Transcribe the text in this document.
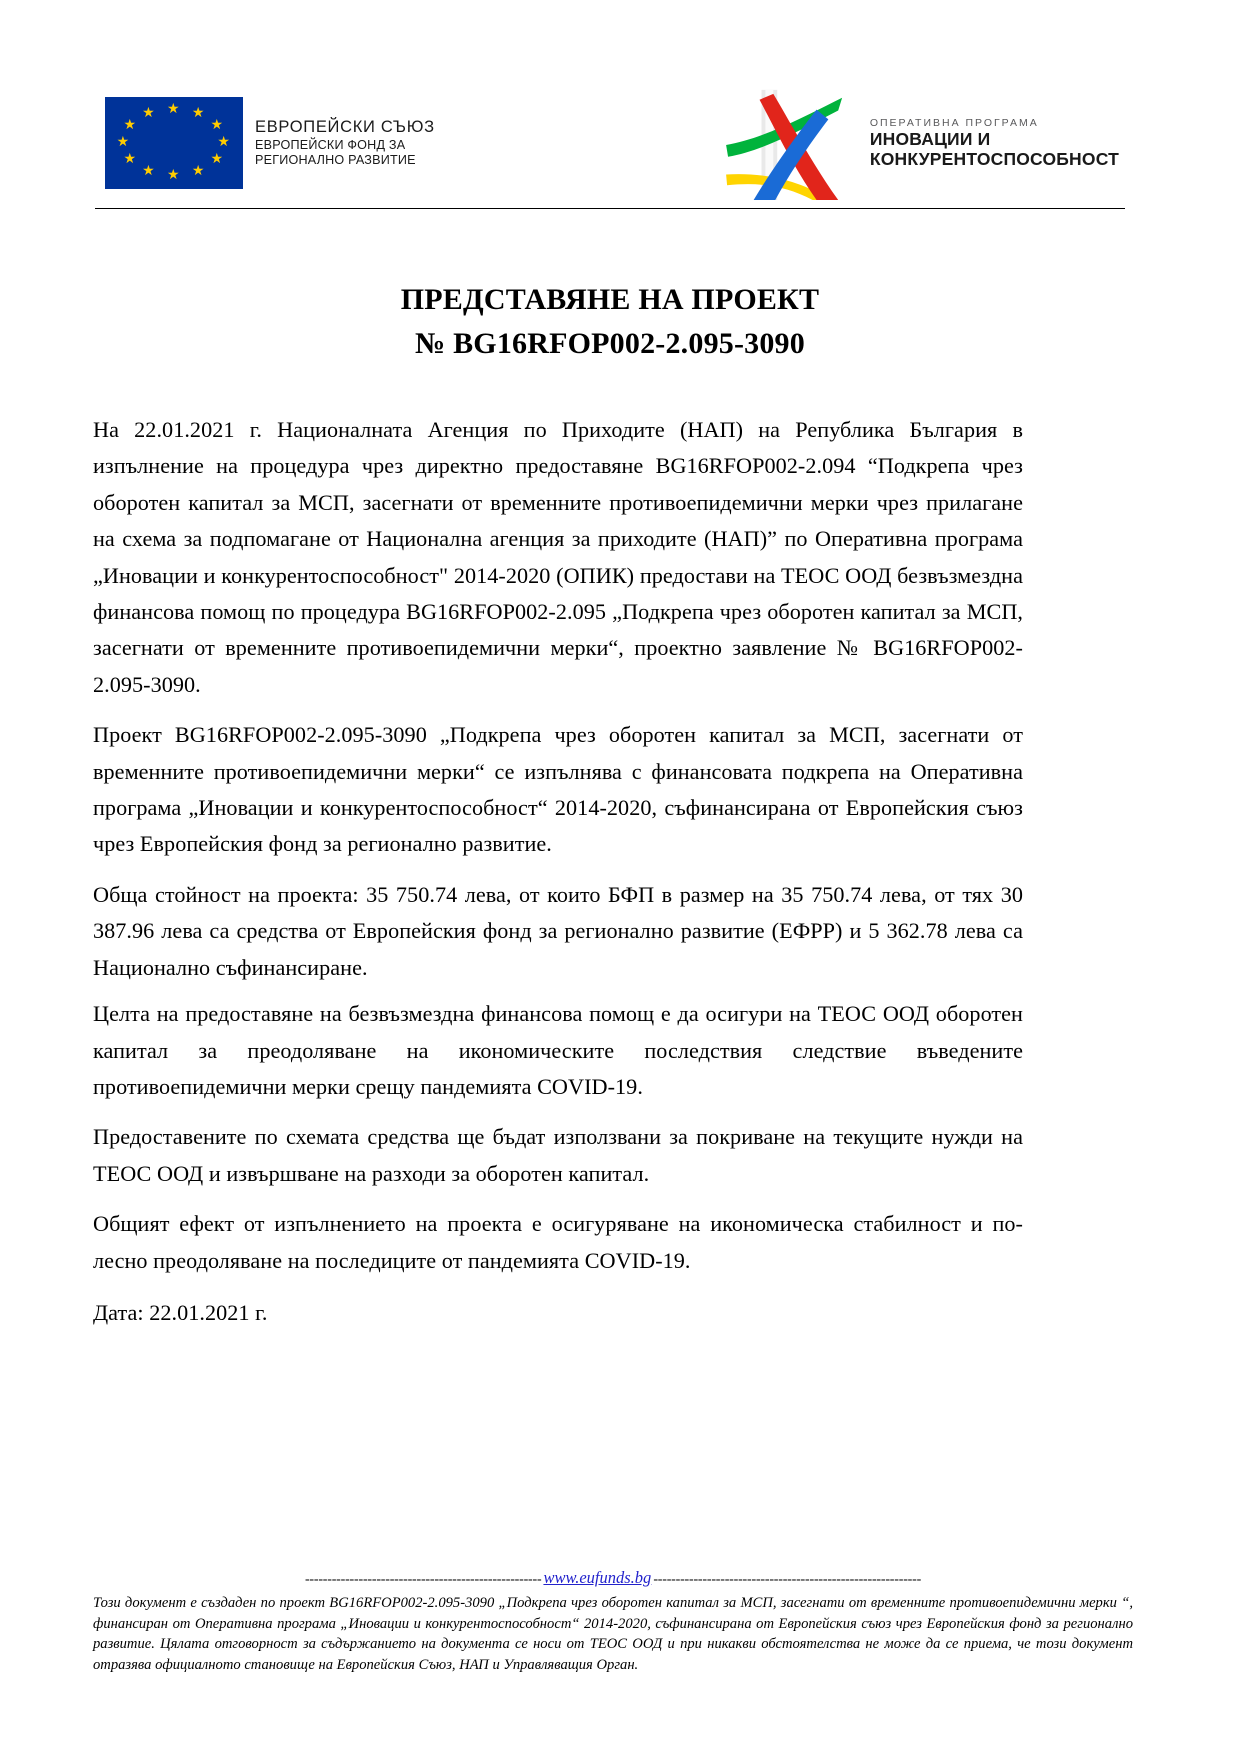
ЕВРОПЕЙСКИ СЪЮЗ
ЕВРОПЕЙСКИ ФОНД ЗА
РЕГИОНАЛНО РАЗВИТИЕ
ОПЕРАТИВНА ПРОГРАМА
ИНОВАЦИИ И
КОНКУРЕНТОСПОСОБНОСТ
ПРЕДСТАВЯНЕ НА ПРОЕКТ
№ BG16RFOP002-2.095-3090

На 22.01.2021 г. Националната Агенция по Приходите (НАП) на Република България в изпълнение на процедура чрез директно предоставяне BG16RFOP002-2.094 “Подкрепа чрез оборотен капитал за МСП, засегнати от временните противоепидемични мерки чрез прилагане на схема за подпомагане от Национална агенция за приходите (НАП)” по Оперативна програма „Иновации и конкурентоспособност" 2014-2020 (ОПИК) предостави на ТЕОС ООД безвъзмездна финансова помощ по процедура BG16RFOP002-2.095 „Подкрепа чрез оборотен капитал за МСП, засегнати от временните противоепидемични мерки“, проектно заявление № BG16RFOP002-2.095-3090.

Проект BG16RFOP002-2.095-3090 „Подкрепа чрез оборотен капитал за МСП, засегнати от временните противоепидемични мерки“ се изпълнява с финансовата подкрепа на Оперативна програма „Иновации и конкурентоспособност“ 2014-2020, съфинансирана от Европейския съюз чрез Европейския фонд за регионално развитие.

Обща стойност на проекта: 35 750.74 лева, от които БФП в размер на 35 750.74 лева, от тях 30 387.96 лева са средства от Европейския фонд за регионално развитие (ЕФРР) и 5 362.78 лева са Национално съфинансиране.

Целта на предоставяне на безвъзмездна финансова помощ е да осигури на ТЕОС ООД оборотен капитал за преодоляване на икономическите последствия следствие въведените противоепидемични мерки срещу пандемията COVID-19.

Предоставените по схемата средства ще бъдат използвани за покриване на текущите нужди на ТЕОС ООД и извършване на разходи за оборотен капитал.

Общият ефект от изпълнението на проекта е осигуряване на икономическа стабилност и по-лесно преодоляване на последиците от пандемията COVID-19.

Дата: 22.01.2021 г.

----------------------------------------------------- www.eufunds.bg ------------------------------------------------------------
Този документ е създаден по проект BG16RFOP002-2.095-3090 „Подкрепа чрез оборотен капитал за МСП, засегнати от временните противоепидемични мерки “, финансиран от Оперативна програма „Иновации и конкурентоспособност“ 2014-2020, съфинансирана от Европейския съюз чрез Европейския фонд за регионално развитие. Цялата отговорност за съдържанието на документа се носи от ТЕОС ООД и при никакви обстоятелства не може да се приема, че този документ отразява официалното становище на Европейския Съюз, НАП и Управляващия Орган.
